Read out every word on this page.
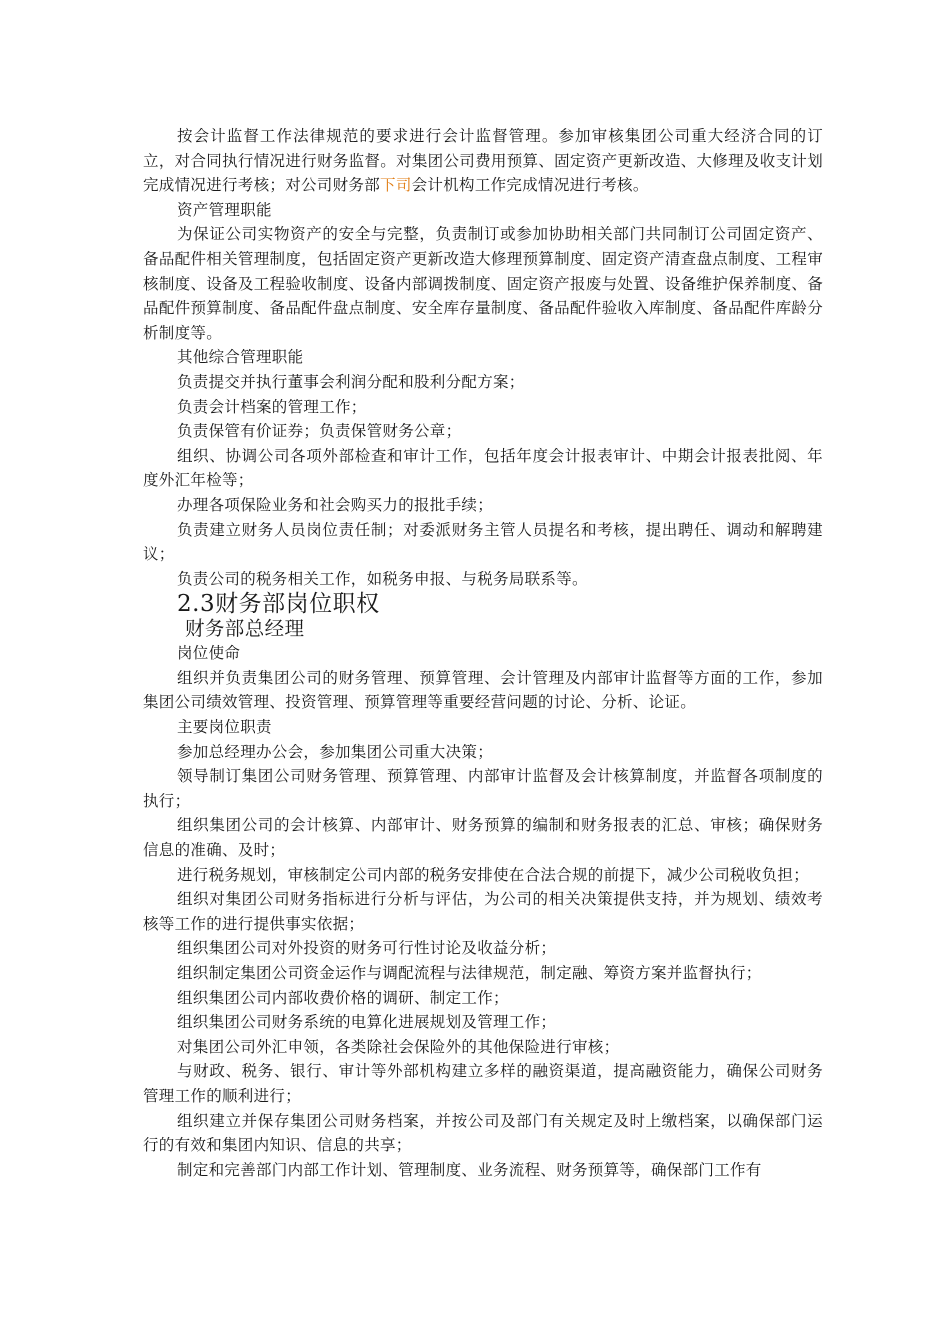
按会计监督工作法律规范的要求进行会计监督管理。参加审核集团公司重大经济合同的订立，对合同执行情况进行财务监督。对集团公司费用预算、固定资产更新改造、大修理及收支计划完成情况进行考核；对公司财务部下司会计机构工作完成情况进行考核。

资产管理职能

为保证公司实物资产的安全与完整，负责制订或参加协助相关部门共同制订公司固定资产、备品配件相关管理制度，包括固定资产更新改造大修理预算制度、固定资产清查盘点制度、工程审核制度、设备及工程验收制度、设备内部调拨制度、固定资产报废与处置、设备维护保养制度、备品配件预算制度、备品配件盘点制度、安全库存量制度、备品配件验收入库制度、备品配件库龄分析制度等。

其他综合管理职能

负责提交并执行董事会利润分配和股利分配方案；

负责会计档案的管理工作；

负责保管有价证券；负责保管财务公章；

组织、协调公司各项外部检查和审计工作，包括年度会计报表审计、中期会计报表批阅、年度外汇年检等；

办理各项保险业务和社会购买力的报批手续；

负责建立财务人员岗位责任制；对委派财务主管人员提名和考核，提出聘任、调动和解聘建议；

负责公司的税务相关工作，如税务申报、与税务局联系等。

2.3财务部岗位职权
财务部总经理

岗位使命

组织并负责集团公司的财务管理、预算管理、会计管理及内部审计监督等方面的工作，参加集团公司绩效管理、投资管理、预算管理等重要经营问题的讨论、分析、论证。

主要岗位职责

参加总经理办公会，参加集团公司重大决策；

领导制订集团公司财务管理、预算管理、内部审计监督及会计核算制度，并监督各项制度的执行；

组织集团公司的会计核算、内部审计、财务预算的编制和财务报表的汇总、审核；确保财务信息的准确、及时；

进行税务规划，审核制定公司内部的税务安排使在合法合规的前提下，减少公司税收负担；

组织对集团公司财务指标进行分析与评估，为公司的相关决策提供支持，并为规划、绩效考核等工作的进行提供事实依据；

组织集团公司对外投资的财务可行性讨论及收益分析；

组织制定集团公司资金运作与调配流程与法律规范，制定融、筹资方案并监督执行；

组织集团公司内部收费价格的调研、制定工作；

组织集团公司财务系统的电算化进展规划及管理工作；

对集团公司外汇申领，各类除社会保险外的其他保险进行审核；

与财政、税务、银行、审计等外部机构建立多样的融资渠道，提高融资能力，确保公司财务管理工作的顺利进行；

组织建立并保存集团公司财务档案，并按公司及部门有关规定及时上缴档案，以确保部门运行的有效和集团内知识、信息的共享；

制定和完善部门内部工作计划、管理制度、业务流程、财务预算等，确保部门工作有
